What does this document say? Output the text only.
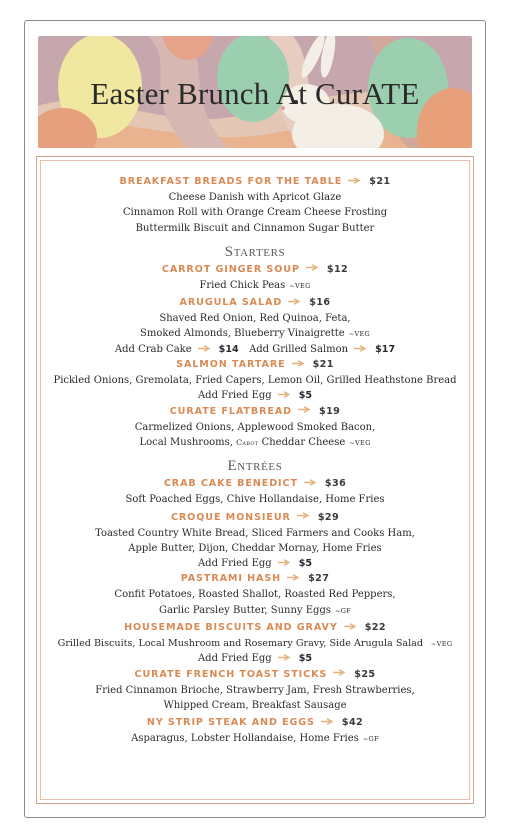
Easter Brunch At CurATE
BREAKFAST BREADS FOR THE TABLE	$21
Cheese Danish with Apricot Glaze
Cinnamon Roll with Orange Cream Cheese Frosting
Buttermilk Biscuit and Cinnamon Sugar Butter
Starters
CARROT GINGER SOUP	$12
Fried Chick Peas ~VEG
ARUGULA SALAD	$16
Shaved Red Onion, Red Quinoa, Feta,
Smoked Almonds, Blueberry Vinaigrette ~VEG
Add Crab Cake	$14 Add Grilled Salmon	$17
SALMON TARTARE	$21
Pickled Onions, Gremolata, Fried Capers, Lemon Oil, Grilled Heathstone Bread
Add Fried Egg	$5
CURATE FLATBREAD	$19
Carmelized Onions, Applewood Smoked Bacon,
Local Mushrooms, Cabot Cheddar Cheese ~VEG
Entrées
CRAB CAKE BENEDICT	$36
Soft Poached Eggs, Chive Hollandaise, Home Fries
CROQUE MONSIEUR	$29
Toasted Country White Bread, Sliced Farmers and Cooks Ham,
Apple Butter, Dijon, Cheddar Mornay, Home Fries
Add Fried Egg	$5
PASTRAMI HASH	$27
Confit Potatoes, Roasted Shallot, Roasted Red Peppers,
Garlic Parsley Butter, Sunny Eggs ~GF
HOUSEMADE BISCUITS AND GRAVY	$22
Grilled Biscuits, Local Mushroom and Rosemary Gravy, Side Arugula Salad ~VEG
Add Fried Egg	$5
CURATE FRENCH TOAST STICKS	$25
Fried Cinnamon Brioche, Strawberry Jam, Fresh Strawberries,
Whipped Cream, Breakfast Sausage
NY STRIP STEAK AND EGGS	$42
Asparagus, Lobster Hollandaise, Home Fries ~GF
